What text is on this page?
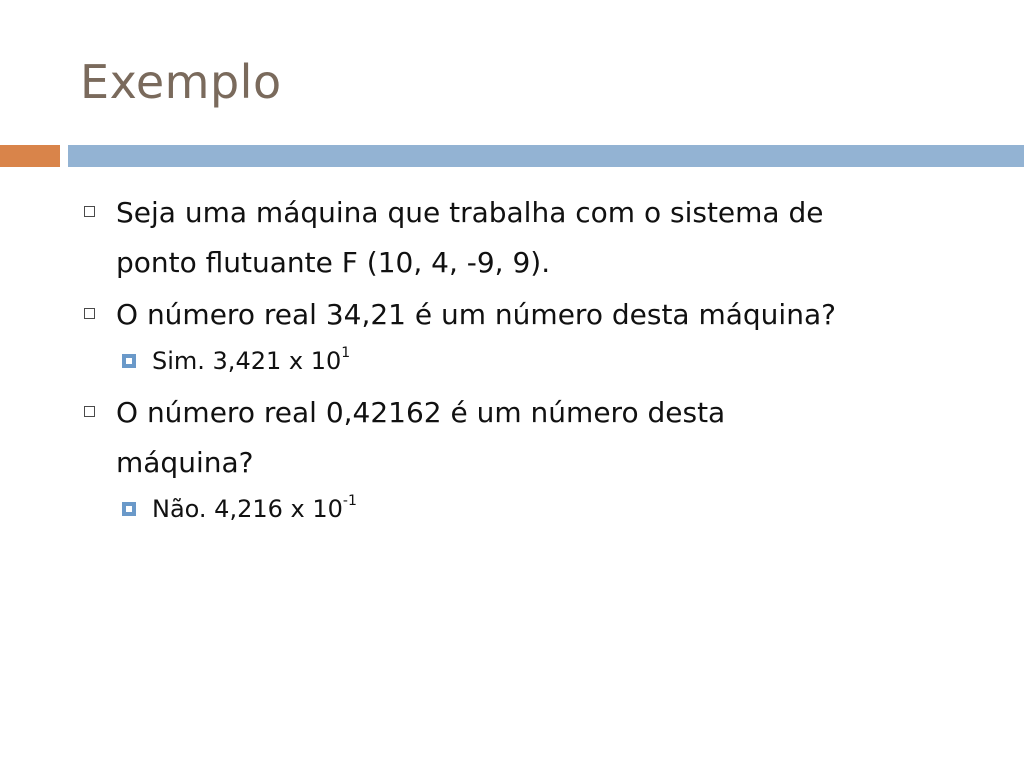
Exemplo
Seja uma máquina que trabalha com o sistema de
ponto flutuante F (10, 4, -9, 9).
O número real 34,21 é um número desta máquina?
Sim. 3,421 x $10^1$
O número real 0,42162 é um número desta
máquina?
Não. 4,216 x $10^{-1}$
